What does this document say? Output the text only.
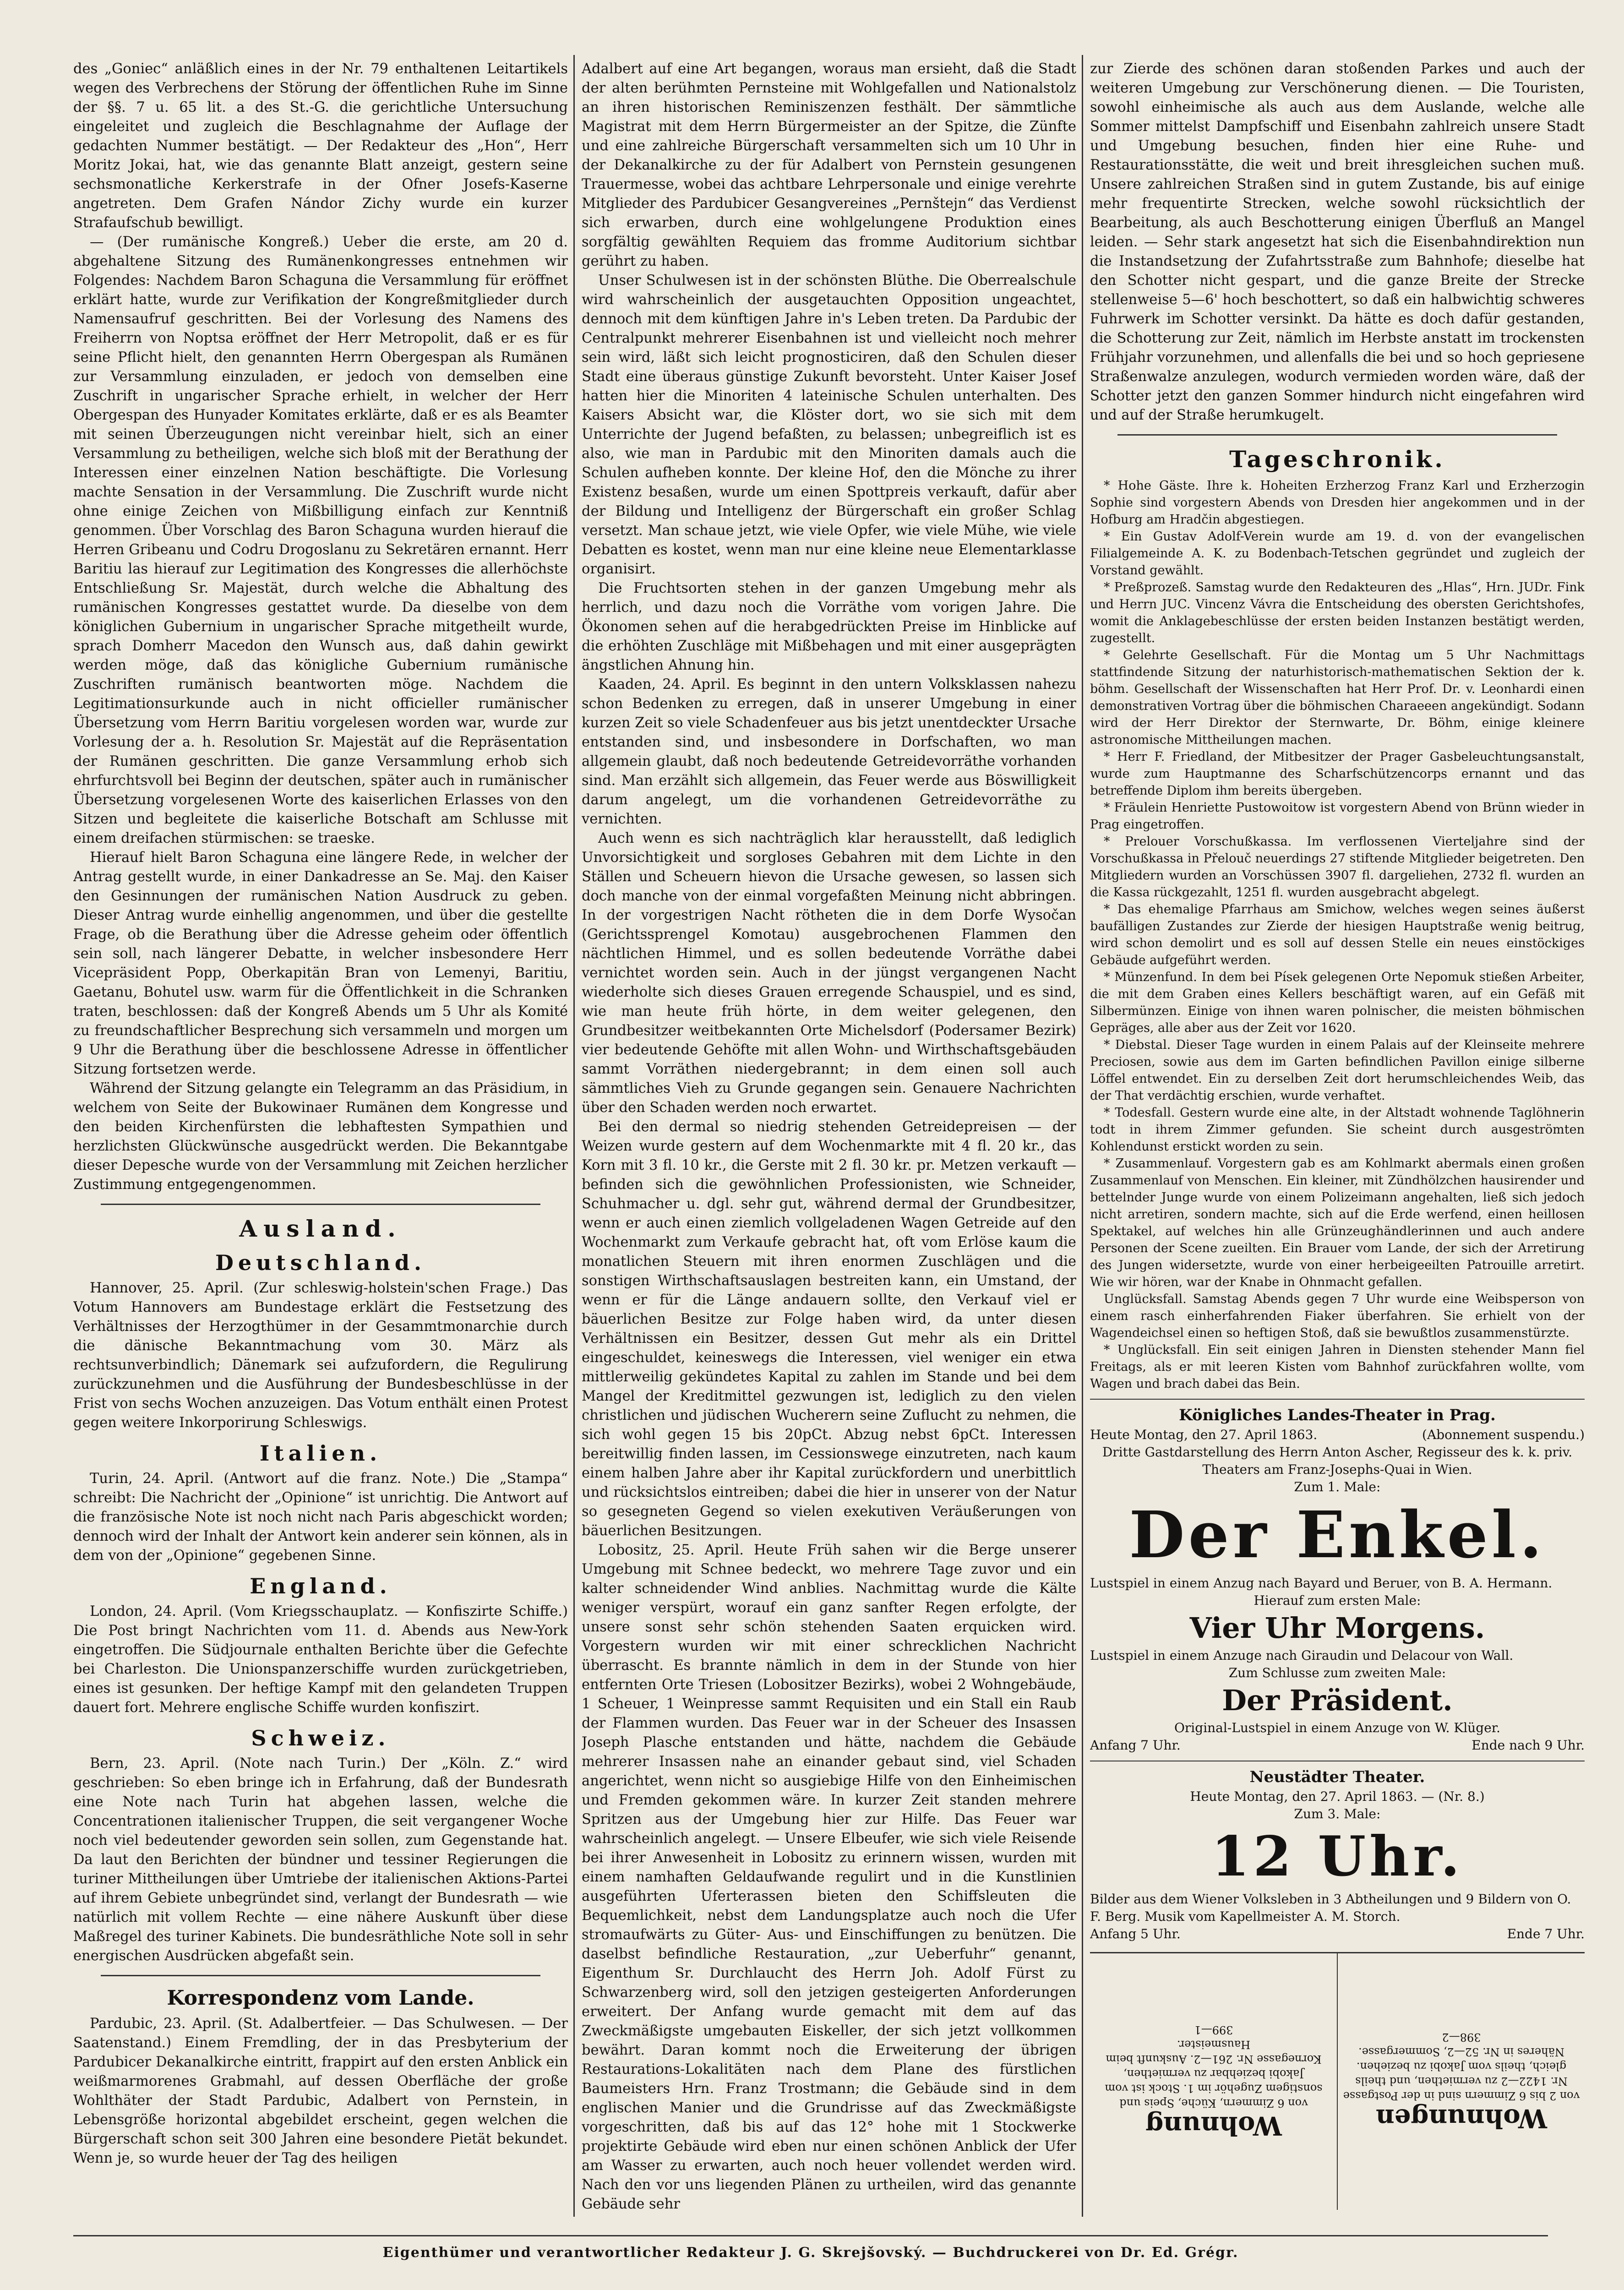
des „Goniec“ anläßlich eines in der Nr. 79 enthaltenen Leitartikels wegen des Verbrechens der Störung der öffentlichen Ruhe im Sinne der §§. 7 u. 65 lit. a des St.-G. die gerichtliche Untersuchung eingeleitet und zugleich die Beschlagnahme der Auflage der gedachten Nummer bestätigt. — Der Redakteur des „Hon“, Herr Moritz Jokai, hat, wie das genannte Blatt anzeigt, gestern seine sechsmonatliche Kerkerstrafe in der Ofner Josefs-Kaserne angetreten. Dem Grafen Nándor Zichy wurde ein kurzer Strafaufschub bewilligt.

— (Der rumänische Kongreß.) Ueber die erste, am 20 d. abgehaltene Sitzung des Rumänenkongresses entnehmen wir Folgendes: Nachdem Baron Schaguna die Versammlung für eröffnet erklärt hatte, wurde zur Verifikation der Kongreßmitglieder durch Namensaufruf geschritten. Bei der Vorlesung des Namens des Freiherrn von Noptsa eröffnet der Herr Metropolit, daß er es für seine Pflicht hielt, den genannten Herrn Obergespan als Rumänen zur Versammlung einzuladen, er jedoch von demselben eine Zuschrift in ungarischer Sprache erhielt, in welcher der Herr Obergespan des Hunyader Komitates erklärte, daß er es als Beamter mit seinen Überzeugungen nicht vereinbar hielt, sich an einer Versammlung zu betheiligen, welche sich bloß mit der Berathung der Interessen einer einzelnen Nation beschäftigte. Die Vorlesung machte Sensation in der Versammlung. Die Zuschrift wurde nicht ohne einige Zeichen von Mißbilligung einfach zur Kenntniß genommen. Über Vorschlag des Baron Schaguna wurden hierauf die Herren Gribeanu und Codru Drogoslanu zu Sekretären ernannt. Herr Baritiu las hierauf zur Legitimation des Kongresses die allerhöchste Entschließung Sr. Majestät, durch welche die Abhaltung des rumänischen Kongresses gestattet wurde. Da dieselbe von dem königlichen Gubernium in ungarischer Sprache mitgetheilt wurde, sprach Domherr Macedon den Wunsch aus, daß dahin gewirkt werden möge, daß das königliche Gubernium rumänische Zuschriften rumänisch beantworten möge. Nachdem die Legitimationsurkunde auch in nicht officieller rumänischer Übersetzung vom Herrn Baritiu vorgelesen worden war, wurde zur Vorlesung der a. h. Resolution Sr. Majestät auf die Repräsentation der Rumänen geschritten. Die ganze Versammlung erhob sich ehrfurchtsvoll bei Beginn der deutschen, später auch in rumänischer Übersetzung vorgelesenen Worte des kaiserlichen Erlasses von den Sitzen und begleitete die kaiserliche Botschaft am Schlusse mit einem dreifachen stürmischen: se traeske.

Hierauf hielt Baron Schaguna eine längere Rede, in welcher der Antrag gestellt wurde, in einer Dankadresse an Se. Maj. den Kaiser den Gesinnungen der rumänischen Nation Ausdruck zu geben. Dieser Antrag wurde einhellig angenommen, und über die gestellte Frage, ob die Berathung über die Adresse geheim oder öffentlich sein soll, nach längerer Debatte, in welcher insbesondere Herr Vicepräsident Popp, Oberkapitän Bran von Lemenyi, Baritiu, Gaetanu, Bohutel usw. warm für die Öffentlichkeit in die Schranken traten, beschlossen: daß der Kongreß Abends um 5 Uhr als Komité zu freundschaftlicher Besprechung sich versammeln und morgen um 9 Uhr die Berathung über die beschlossene Adresse in öffentlicher Sitzung fortsetzen werde.

Während der Sitzung gelangte ein Telegramm an das Präsidium, in welchem von Seite der Bukowinaer Rumänen dem Kongresse und den beiden Kirchenfürsten die lebhaftesten Sympathien und herzlichsten Glückwünsche ausgedrückt werden. Die Bekanntgabe dieser Depesche wurde von der Versammlung mit Zeichen herzlicher Zustimmung entgegengenommen.

Ausland.
Deutschland.

Hannover, 25. April. (Zur schleswig-holstein'schen Frage.) Das Votum Hannovers am Bundestage erklärt die Festsetzung des Verhältnisses der Herzogthümer in der Gesammtmonarchie durch die dänische Bekanntmachung vom 30. März als rechtsunverbindlich; Dänemark sei aufzufordern, die Regulirung zurückzunehmen und die Ausführung der Bundesbeschlüsse in der Frist von sechs Wochen anzuzeigen. Das Votum enthält einen Protest gegen weitere Inkorporirung Schleswigs.

Italien.

Turin, 24. April. (Antwort auf die franz. Note.) Die „Stampa“ schreibt: Die Nachricht der „Opinione“ ist unrichtig. Die Antwort auf die französische Note ist noch nicht nach Paris abgeschickt worden; dennoch wird der Inhalt der Antwort kein anderer sein können, als in dem von der „Opinione“ gegebenen Sinne.

England.

London, 24. April. (Vom Kriegsschauplatz. — Konfiszirte Schiffe.) Die Post bringt Nachrichten vom 11. d. Abends aus New-York eingetroffen. Die Südjournale enthalten Berichte über die Gefechte bei Charleston. Die Unionspanzerschiffe wurden zurückgetrieben, eines ist gesunken. Der heftige Kampf mit den gelandeten Truppen dauert fort. Mehrere englische Schiffe wurden konfiszirt.

Schweiz.

Bern, 23. April. (Note nach Turin.) Der „Köln. Z.“ wird geschrieben: So eben bringe ich in Erfahrung, daß der Bundesrath eine Note nach Turin hat abgehen lassen, welche die Concentrationen italienischer Truppen, die seit vergangener Woche noch viel bedeutender geworden sein sollen, zum Gegenstande hat. Da laut den Berichten der bündner und tessiner Regierungen die turiner Mittheilungen über Umtriebe der italienischen Aktions-Partei auf ihrem Gebiete unbegründet sind, verlangt der Bundesrath — wie natürlich mit vollem Rechte — eine nähere Auskunft über diese Maßregel des turiner Kabinets. Die bundesräthliche Note soll in sehr energischen Ausdrücken abgefaßt sein.

Korrespondenz vom Lande.

Pardubic, 23. April. (St. Adalbertfeier. — Das Schulwesen. — Der Saatenstand.) Einem Fremdling, der in das Presbyterium der Pardubicer Dekanalkirche eintritt, frappirt auf den ersten Anblick ein weißmarmorenes Grabmahl, auf dessen Oberfläche der große Wohlthäter der Stadt Pardubic, Adalbert von Pernstein, in Lebensgröße horizontal abgebildet erscheint, gegen welchen die Bürgerschaft schon seit 300 Jahren eine besondere Pietät bekundet. Wenn je, so wurde heuer der Tag des heiligen

Adalbert auf eine Art begangen, woraus man ersieht, daß die Stadt der alten berühmten Pernsteine mit Wohlgefallen und Nationalstolz an ihren historischen Reminiszenzen festhält. Der sämmtliche Magistrat mit dem Herrn Bürgermeister an der Spitze, die Zünfte und eine zahlreiche Bürgerschaft versammelten sich um 10 Uhr in der Dekanalkirche zu der für Adalbert von Pernstein gesungenen Trauermesse, wobei das achtbare Lehrpersonale und einige verehrte Mitglieder des Pardubicer Gesangvereines „Pernštejn“ das Verdienst sich erwarben, durch eine wohlgelungene Produktion eines sorgfältig gewählten Requiem das fromme Auditorium sichtbar gerührt zu haben.

Unser Schulwesen ist in der schönsten Blüthe. Die Oberrealschule wird wahrscheinlich der ausgetauchten Opposition ungeachtet, dennoch mit dem künftigen Jahre in's Leben treten. Da Pardubic der Centralpunkt mehrerer Eisenbahnen ist und vielleicht noch mehrer sein wird, läßt sich leicht prognosticiren, daß den Schulen dieser Stadt eine überaus günstige Zukunft bevorsteht. Unter Kaiser Josef hatten hier die Minoriten 4 lateinische Schulen unterhalten. Des Kaisers Absicht war, die Klöster dort, wo sie sich mit dem Unterrichte der Jugend befaßten, zu belassen; unbegreiflich ist es also, wie man in Pardubic mit den Minoriten damals auch die Schulen aufheben konnte. Der kleine Hof, den die Mönche zu ihrer Existenz besaßen, wurde um einen Spottpreis verkauft, dafür aber der Bildung und Intelligenz der Bürgerschaft ein großer Schlag versetzt. Man schaue jetzt, wie viele Opfer, wie viele Mühe, wie viele Debatten es kostet, wenn man nur eine kleine neue Elementarklasse organisirt.

Die Fruchtsorten stehen in der ganzen Umgebung mehr als herrlich, und dazu noch die Vorräthe vom vorigen Jahre. Die Ökonomen sehen auf die herabgedrückten Preise im Hinblicke auf die erhöhten Zuschläge mit Mißbehagen und mit einer ausgeprägten ängstlichen Ahnung hin.

Kaaden, 24. April. Es beginnt in den untern Volksklassen nahezu schon Bedenken zu erregen, daß in unserer Umgebung in einer kurzen Zeit so viele Schadenfeuer aus bis jetzt unentdeckter Ursache entstanden sind, und insbesondere in Dorfschaften, wo man allgemein glaubt, daß noch bedeutende Getreidevorräthe vorhanden sind. Man erzählt sich allgemein, das Feuer werde aus Böswilligkeit darum angelegt, um die vorhandenen Getreidevorräthe zu vernichten.

Auch wenn es sich nachträglich klar herausstellt, daß lediglich Unvorsichtigkeit und sorgloses Gebahren mit dem Lichte in den Ställen und Scheuern hievon die Ursache gewesen, so lassen sich doch manche von der einmal vorgefaßten Meinung nicht abbringen. In der vorgestrigen Nacht rötheten die in dem Dorfe Wysočan (Gerichtssprengel Komotau) ausgebrochenen Flammen den nächtlichen Himmel, und es sollen bedeutende Vorräthe dabei vernichtet worden sein. Auch in der jüngst vergangenen Nacht wiederholte sich dieses Grauen erregende Schauspiel, und es sind, wie man heute früh hörte, in dem weiter gelegenen, den Grundbesitzer weitbekannten Orte Michelsdorf (Podersamer Bezirk) vier bedeutende Gehöfte mit allen Wohn- und Wirthschaftsgebäuden sammt Vorräthen niedergebrannt; in dem einen soll auch sämmtliches Vieh zu Grunde gegangen sein. Genauere Nachrichten über den Schaden werden noch erwartet.

Bei den dermal so niedrig stehenden Getreidepreisen — der Weizen wurde gestern auf dem Wochenmarkte mit 4 fl. 20 kr., das Korn mit 3 fl. 10 kr., die Gerste mit 2 fl. 30 kr. pr. Metzen verkauft — befinden sich die gewöhnlichen Professionisten, wie Schneider, Schuhmacher u. dgl. sehr gut, während dermal der Grundbesitzer, wenn er auch einen ziemlich vollgeladenen Wagen Getreide auf den Wochenmarkt zum Verkaufe gebracht hat, oft vom Erlöse kaum die monatlichen Steuern mit ihren enormen Zuschlägen und die sonstigen Wirthschaftsauslagen bestreiten kann, ein Umstand, der wenn er für die Länge andauern sollte, den Verkauf viel er bäuerlichen Besitze zur Folge haben wird, da unter diesen Verhältnissen ein Besitzer, dessen Gut mehr als ein Drittel eingeschuldet, keineswegs die Interessen, viel weniger ein etwa mittlerweilig gekündetes Kapital zu zahlen im Stande und bei dem Mangel der Kreditmittel gezwungen ist, lediglich zu den vielen christlichen und jüdischen Wucherern seine Zuflucht zu nehmen, die sich wohl gegen 15 bis 20pCt. Abzug nebst 6pCt. Interessen bereitwillig finden lassen, im Cessionswege einzutreten, nach kaum einem halben Jahre aber ihr Kapital zurückfordern und unerbittlich und rücksichtslos eintreiben; dabei die hier in unserer von der Natur so gesegneten Gegend so vielen exekutiven Veräußerungen von bäuerlichen Besitzungen.

Lobositz, 25. April. Heute Früh sahen wir die Berge unserer Umgebung mit Schnee bedeckt, wo mehrere Tage zuvor und ein kalter schneidender Wind anblies. Nachmittag wurde die Kälte weniger verspürt, worauf ein ganz sanfter Regen erfolgte, der unsere sonst sehr schön stehenden Saaten erquicken wird. Vorgestern wurden wir mit einer schrecklichen Nachricht überrascht. Es brannte nämlich in dem in der Stunde von hier entfernten Orte Triesen (Lobositzer Bezirks), wobei 2 Wohngebäude, 1 Scheuer, 1 Weinpresse sammt Requisiten und ein Stall ein Raub der Flammen wurden. Das Feuer war in der Scheuer des Insassen Joseph Plasche entstanden und hätte, nachdem die Gebäude mehrerer Insassen nahe an einander gebaut sind, viel Schaden angerichtet, wenn nicht so ausgiebige Hilfe von den Einheimischen und Fremden gekommen wäre. In kurzer Zeit standen mehrere Spritzen aus der Umgebung hier zur Hilfe. Das Feuer war wahrscheinlich angelegt. — Unsere Elbeufer, wie sich viele Reisende bei ihrer Anwesenheit in Lobositz zu erinnern wissen, wurden mit einem namhaften Geldaufwande regulirt und in die Kunstlinien ausgeführten Uferterassen bieten den Schiffsleuten die Bequemlichkeit, nebst dem Landungsplatze auch noch die Ufer stromaufwärts zu Güter- Aus- und Einschiffungen zu benützen. Die daselbst befindliche Restauration, „zur Ueberfuhr“ genannt, Eigenthum Sr. Durchlaucht des Herrn Joh. Adolf Fürst zu Schwarzenberg wird, soll den jetzigen gesteigerten Anforderungen erweitert. Der Anfang wurde gemacht mit dem auf das Zweckmäßigste umgebauten Eiskeller, der sich jetzt vollkommen bewährt. Daran kommt noch die Erweiterung der übrigen Restaurations-Lokalitäten nach dem Plane des fürstlichen Baumeisters Hrn. Franz Trostmann; die Gebäude sind in dem englischen Manier und die Grundrisse auf das Zweckmäßigste vorgeschritten, daß bis auf das 12° hohe mit 1 Stockwerke projektirte Gebäude wird eben nur einen schönen Anblick der Ufer am Wasser zu erwarten, auch noch heuer vollendet werden wird. Nach den vor uns liegenden Plänen zu urtheilen, wird das genannte Gebäude sehr

zur Zierde des schönen daran stoßenden Parkes und auch der weiteren Umgebung zur Verschönerung dienen. — Die Touristen, sowohl einheimische als auch aus dem Auslande, welche alle Sommer mittelst Dampfschiff und Eisenbahn zahlreich unsere Stadt und Umgebung besuchen, finden hier eine Ruhe- und Restaurationsstätte, die weit und breit ihresgleichen suchen muß. Unsere zahlreichen Straßen sind in gutem Zustande, bis auf einige mehr frequentirte Strecken, welche sowohl rücksichtlich der Bearbeitung, als auch Beschotterung einigen Überfluß an Mangel leiden. — Sehr stark angesetzt hat sich die Eisenbahndirektion nun die Instandsetzung der Zufahrtsstraße zum Bahnhofe; dieselbe hat den Schotter nicht gespart, und die ganze Breite der Strecke stellenweise 5—6' hoch beschottert, so daß ein halbwichtig schweres Fuhrwerk im Schotter versinkt. Da hätte es doch dafür gestanden, die Schotterung zur Zeit, nämlich im Herbste anstatt im trockensten Frühjahr vorzunehmen, und allenfalls die bei und so hoch gepriesene Straßenwalze anzulegen, wodurch vermieden worden wäre, daß der Schotter jetzt den ganzen Sommer hindurch nicht eingefahren wird und auf der Straße herumkugelt.

Tageschronik.

* Hohe Gäste. Ihre k. Hoheiten Erzherzog Franz Karl und Erzherzogin Sophie sind vorgestern Abends von Dresden hier angekommen und in der Hofburg am Hradčin abgestiegen.

* Ein Gustav Adolf-Verein wurde am 19. d. von der evangelischen Filialgemeinde A. K. zu Bodenbach-Tetschen gegründet und zugleich der Vorstand gewählt.

* Preßprozeß. Samstag wurde den Redakteuren des „Hlas“, Hrn. JUDr. Fink und Herrn JUC. Vincenz Vávra die Entscheidung des obersten Gerichtshofes, womit die Anklagebeschlüsse der ersten beiden Instanzen bestätigt werden, zugestellt.

* Gelehrte Gesellschaft. Für die Montag um 5 Uhr Nachmittags stattfindende Sitzung der naturhistorisch-mathematischen Sektion der k. böhm. Gesellschaft der Wissenschaften hat Herr Prof. Dr. v. Leonhardi einen demonstrativen Vortrag über die böhmischen Charaeeen angekündigt. Sodann wird der Herr Direktor der Sternwarte, Dr. Böhm, einige kleinere astronomische Mittheilungen machen.

* Herr F. Friedland, der Mitbesitzer der Prager Gasbeleuchtungsanstalt, wurde zum Hauptmanne des Scharfschützencorps ernannt und das betreffende Diplom ihm bereits übergeben.

* Fräulein Henriette Pustowoitow ist vorgestern Abend von Brünn wieder in Prag eingetroffen.

* Prelouer Vorschußkassa. Im verflossenen Vierteljahre sind der Vorschußkassa in Přelouč neuerdings 27 stiftende Mitglieder beigetreten. Den Mitgliedern wurden an Vorschüssen 3907 fl. dargeliehen, 2732 fl. wurden an die Kassa rückgezahlt, 1251 fl. wurden ausgebracht abgelegt.

* Das ehemalige Pfarrhaus am Smichow, welches wegen seines äußerst baufälligen Zustandes zur Zierde der hiesigen Hauptstraße wenig beitrug, wird schon demolirt und es soll auf dessen Stelle ein neues einstöckiges Gebäude aufgeführt werden.

* Münzenfund. In dem bei Písek gelegenen Orte Nepomuk stießen Arbeiter, die mit dem Graben eines Kellers beschäftigt waren, auf ein Gefäß mit Silbermünzen. Einige von ihnen waren polnischer, die meisten böhmischen Gepräges, alle aber aus der Zeit vor 1620.

* Diebstal. Dieser Tage wurden in einem Palais auf der Kleinseite mehrere Preciosen, sowie aus dem im Garten befindlichen Pavillon einige silberne Löffel entwendet. Ein zu derselben Zeit dort herumschleichendes Weib, das der That verdächtig erschien, wurde verhaftet.

* Todesfall. Gestern wurde eine alte, in der Altstadt wohnende Taglöhnerin todt in ihrem Zimmer gefunden. Sie scheint durch ausgeströmten Kohlendunst erstickt worden zu sein.

* Zusammenlauf. Vorgestern gab es am Kohlmarkt abermals einen großen Zusammenlauf von Menschen. Ein kleiner, mit Zündhölzchen hausirender und bettelnder Junge wurde von einem Polizeimann angehalten, ließ sich jedoch nicht arretiren, sondern machte, sich auf die Erde werfend, einen heillosen Spektakel, auf welches hin alle Grünzeughändlerinnen und auch andere Personen der Scene zueilten. Ein Brauer vom Lande, der sich der Arretirung des Jungen widersetzte, wurde von einer herbeigeeilten Patrouille arretirt. Wie wir hören, war der Knabe in Ohnmacht gefallen.

Unglücksfall. Samstag Abends gegen 7 Uhr wurde eine Weibsperson von einem rasch einherfahrenden Fiaker überfahren. Sie erhielt von der Wagendeichsel einen so heftigen Stoß, daß sie bewußtlos zusammenstürzte.

* Unglücksfall. Ein seit einigen Jahren in Diensten stehender Mann fiel Freitags, als er mit leeren Kisten vom Bahnhof zurückfahren wollte, vom Wagen und brach dabei das Bein.

Königliches Landes-Theater in Prag.
Heute Montag, den 27. April 1863.	(Abonnement suspendu.)

Dritte Gastdarstellung des Herrn Anton Ascher, Regisseur des k. k. priv. Theaters am Franz-Josephs-Quai in Wien.

Zum 1. Male:

Der Enkel.

Lustspiel in einem Anzug nach Bayard und Beruer, von B. A. Hermann.

Hierauf zum ersten Male:

Vier Uhr Morgens.

Lustspiel in einem Anzuge nach Giraudin und Delacour von Wall.

Zum Schlusse zum zweiten Male:

Der Präsident.

Original-Lustspiel in einem Anzuge von W. Klüger.

Anfang 7 Uhr.	Ende nach 9 Uhr.
Neustädter Theater.

Heute Montag, den 27. April 1863. — (Nr. 8.)

Zum 3. Male:

12 Uhr.

Bilder aus dem Wiener Volksleben in 3 Abtheilungen und 9 Bildern von O. F. Berg. Musik vom Kapellmeister A. M. Storch.

Anfang 5 Uhr.	Ende 7 Uhr.
Wohnung
von 6 Zimmern, Küche, Speis und sonstigem Zugehör im 1. Stock ist vom Jakobi beziehbar zu vermiethen, Kornegasse Nr. 261—2. Auskunft beim Hausmeister.
399—1
Wohnungen
von 2 bis 6 Zimmern sind in der Postgasse Nr. 1422—2 zu vermiethen, und theils gleich, theils vom Jakobi zu beziehen. Näheres in Nr. 52—2, Sommergasse.
398—2
Eigenthümer und verantwortlicher Redakteur J. G. Skrejšovský. — Buchdruckerei von Dr. Ed. Grégr.
